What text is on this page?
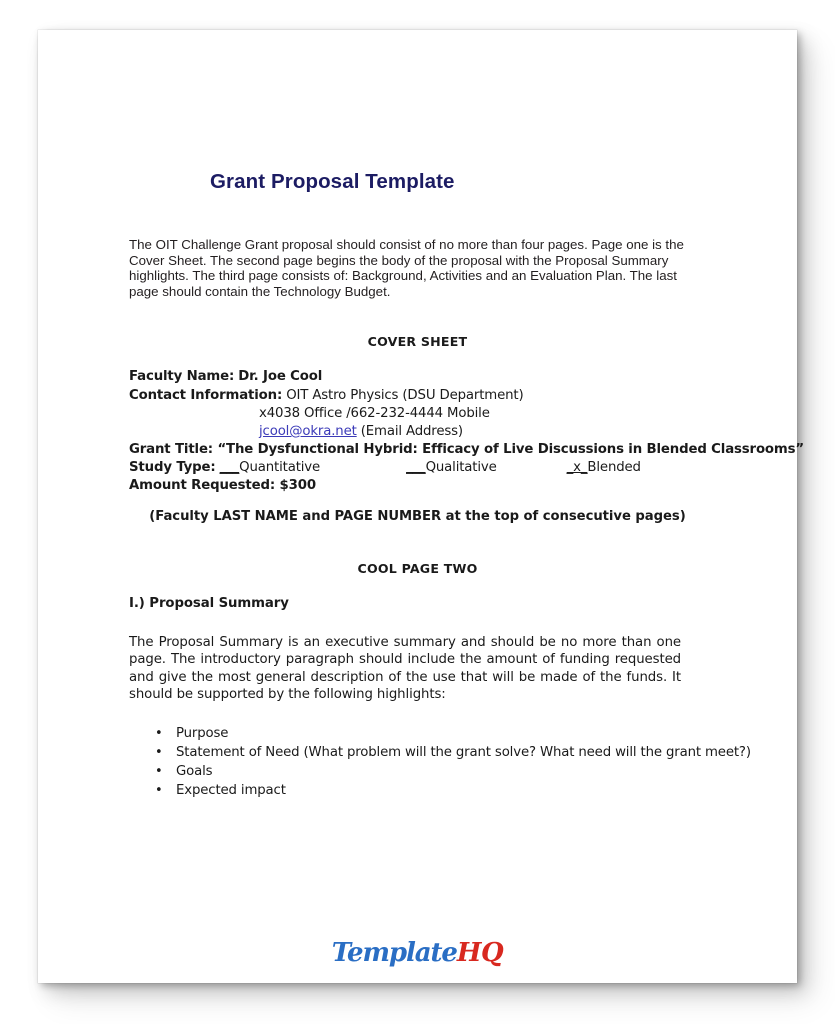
Grant Proposal Template
The OIT Challenge Grant proposal should consist of no more than four pages. Page one is the Cover Sheet. The second page begins the body of the proposal with the Proposal Summary highlights. The third page consists of: Background, Activities and an Evaluation Plan. The last page should contain the Technology Budget.
COVER SHEET
Faculty Name: Dr. Joe Cool
Contact Information: OIT Astro Physics (DSU Department)
x4038 Office /662-232-4444 Mobile
jcool@okra.net (Email Address)
Grant Title: “The Dysfunctional Hybrid: Efficacy of Live Discussions in Blended Classrooms”
Study Type: ___Quantitative	___Qualitative	_x_Blended
Amount Requested: $300
(Faculty LAST NAME and PAGE NUMBER at the top of consecutive pages)
COOL PAGE TWO
I.) Proposal Summary
The Proposal Summary is an executive summary and should be no more than one page. The introductory paragraph should include the amount of funding requested and give the most general description of the use that will be made of the funds. It should be supported by the following highlights:
• Purpose
• Statement of Need (What problem will the grant solve? What need will the grant meet?)
• Goals
• Expected impact
TemplateHQ
